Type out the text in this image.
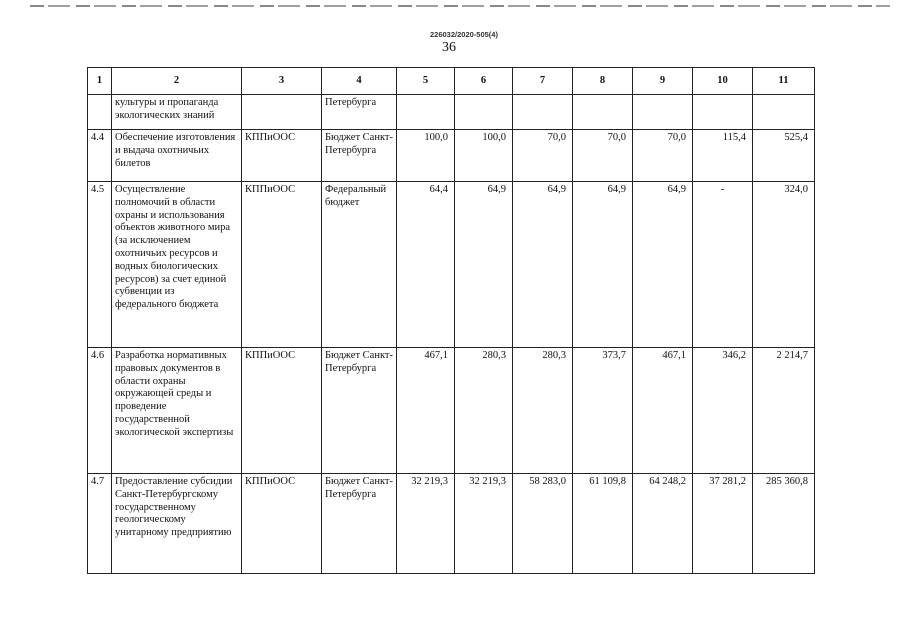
226032/2020-505(4)
36
1	2	3	4	5	6	7	8	9	10	11
	культуры и пропаганда экологических знаний		Петербурга							
4.4	Обеспечение изготовления и выдача охотничьих билетов	КППиООС	Бюджет Санкт-Петербурга	100,0	100,0	70,0	70,0	70,0	115,4	525,4
4.5	Осуществление полномочий в области охраны и использования объектов животного мира (за исключением охотничьих ресурсов и водных биологических ресурсов) за счет единой субвенции из федерального бюджета	КППиООС	Федеральный бюджет	64,4	64,9	64,9	64,9	64,9	-	324,0
4.6	Разработка нормативных правовых документов в области охраны окружающей среды и проведение государственной экологической экспертизы	КППиООС	Бюджет Санкт-Петербурга	467,1	280,3	280,3	373,7	467,1	346,2	2 214,7
4.7	Предоставление субсидии Санкт-Петербургскому государственному геологическому унитарному предприятию	КППиООС	Бюджет Санкт-Петербурга	32 219,3	32 219,3	58 283,0	61 109,8	64 248,2	37 281,2	285 360,8
